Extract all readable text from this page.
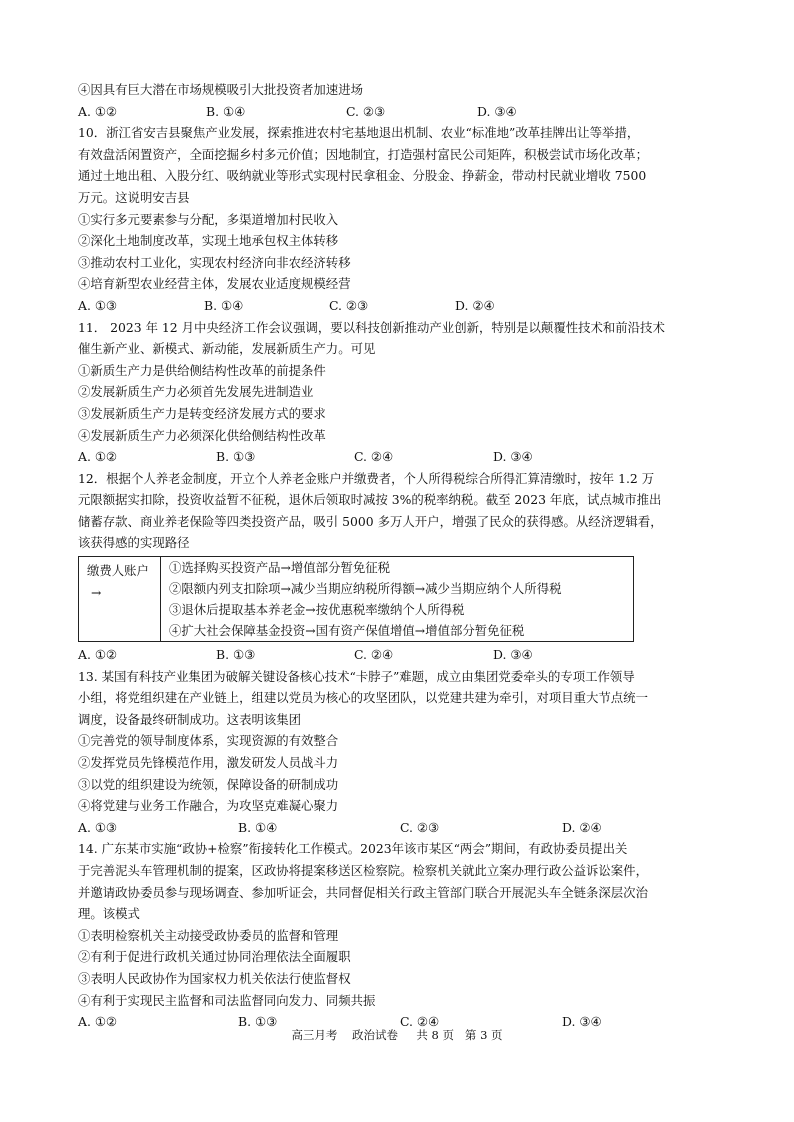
④因具有巨大潜在市场规模吸引大批投资者加速进场
A. ①②	B. ①④	C. ②③	D. ③④
10．浙江省安吉县聚焦产业发展，探索推进农村宅基地退出机制、农业“标准地”改革挂牌出让等举措，
有效盘活闲置资产，全面挖掘乡村多元价值；因地制宜，打造强村富民公司矩阵，积极尝试市场化改革；
通过土地出租、入股分红、吸纳就业等形式实现村民拿租金、分股金、挣薪金，带动村民就业增收 7500
万元。这说明安吉县
①实行多元要素参与分配，多渠道增加村民收入
②深化土地制度改革，实现土地承包权主体转移
③推动农村工业化，实现农村经济向非农经济转移
④培育新型农业经营主体，发展农业适度规模经营
A. ①③	B. ①④	C. ②③	D. ②④
11． 2023 年 12 月中央经济工作会议强调，要以科技创新推动产业创新，特别是以颠覆性技术和前沿技术
催生新产业、新模式、新动能，发展新质生产力。可见
①新质生产力是供给侧结构性改革的前提条件
②发展新质生产力必须首先发展先进制造业
③发展新质生产力是转变经济发展方式的要求
④发展新质生产力必须深化供给侧结构性改革
A. ①②	B. ①③	C. ②④	D. ③④
12．根据个人养老金制度，开立个人养老金账户并缴费者，个人所得税综合所得汇算清缴时，按年 1.2 万
元限额据实扣除，投资收益暂不征税，退休后领取时减按 3%的税率纳税。截至 2023 年底，试点城市推出
储蓄存款、商业养老保险等四类投资产品，吸引 5000 多万人开户，增强了民众的获得感。从经济逻辑看，
该获得感的实现路径
缴费人账户
→
①选择购买投资产品→增值部分暂免征税
②限额内列支扣除项→减少当期应纳税所得额→减少当期应纳个人所得税
③退休后提取基本养老金→按优惠税率缴纳个人所得税
④扩大社会保障基金投资→国有资产保值增值→增值部分暂免征税
A. ①②	B. ①③	C. ②④	D. ③④
13. 某国有科技产业集团为破解关键设备核心技术“卡脖子”难题，成立由集团党委牵头的专项工作领导
小组，将党组织建在产业链上，组建以党员为核心的攻坚团队，以党建共建为牵引，对项目重大节点统一
调度，设备最终研制成功。这表明该集团
①完善党的领导制度体系，实现资源的有效整合
②发挥党员先锋模范作用，激发研发人员战斗力
③以党的组织建设为统领，保障设备的研制成功
④将党建与业务工作融合，为攻坚克难凝心聚力
A. ①③	B. ①④	C. ②③	D. ②④
14. 广东某市实施“政协+检察”衔接转化工作模式。2023年该市某区“两会”期间，有政协委员提出关
于完善泥头车管理机制的提案，区政协将提案移送区检察院。检察机关就此立案办理行政公益诉讼案件，
并邀请政协委员参与现场调查、参加听证会，共同督促相关行政主管部门联合开展泥头车全链条深层次治
理。该模式
①表明检察机关主动接受政协委员的监督和管理
②有利于促进行政机关通过协同治理依法全面履职
③表明人民政协作为国家权力机关依法行使监督权
④有利于实现民主监督和司法监督同向发力、同频共振
A. ①②	B. ①③	C. ②④	D. ③④
高三月考    政治试卷     共 8 页   第 3 页
